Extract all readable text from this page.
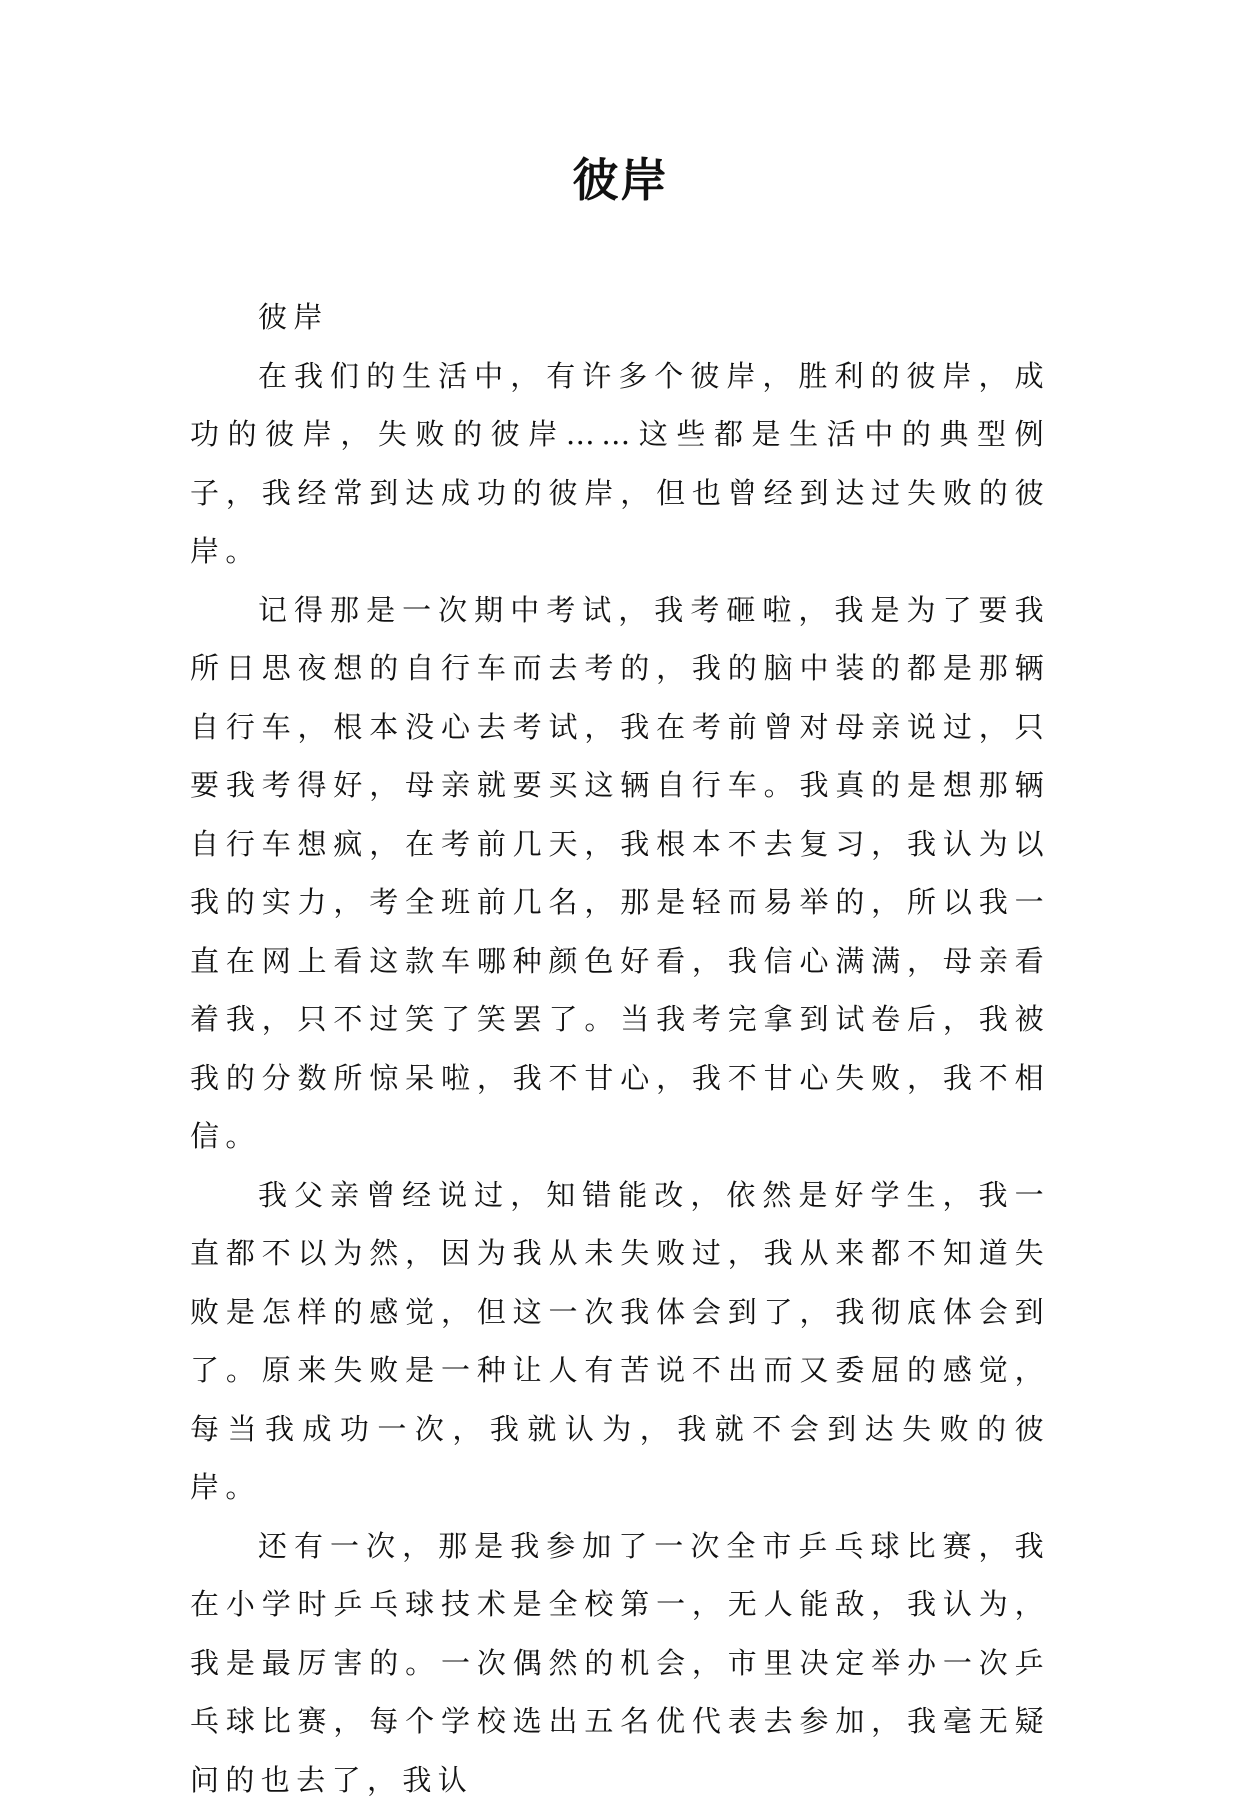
彼岸

彼岸

在我们的生活中，有许多个彼岸，胜利的彼岸，成功的彼岸，失败的彼岸……这些都是生活中的典型例子，我经常到达成功的彼岸，但也曾经到达过失败的彼岸。

记得那是一次期中考试，我考砸啦，我是为了要我所日思夜想的自行车而去考的，我的脑中装的都是那辆自行车，根本没心去考试，我在考前曾对母亲说过，只要我考得好，母亲就要买这辆自行车。我真的是想那辆自行车想疯，在考前几天，我根本不去复习，我认为以我的实力，考全班前几名，那是轻而易举的，所以我一直在网上看这款车哪种颜色好看，我信心满满，母亲看着我，只不过笑了笑罢了。当我考完拿到试卷后，我被我的分数所惊呆啦，我不甘心，我不甘心失败，我不相信。

我父亲曾经说过，知错能改，依然是好学生，我一直都不以为然，因为我从未失败过，我从来都不知道失败是怎样的感觉，但这一次我体会到了，我彻底体会到了。原来失败是一种让人有苦说不出而又委屈的感觉，每当我成功一次，我就认为，我就不会到达失败的彼岸。

还有一次，那是我参加了一次全市乒乓球比赛，我在小学时乒乓球技术是全校第一，无人能敌，我认为，我是最厉害的。一次偶然的机会，市里决定举办一次乒乓球比赛，每个学校选出五名优代表去参加，我毫无疑问的也去了，我认
